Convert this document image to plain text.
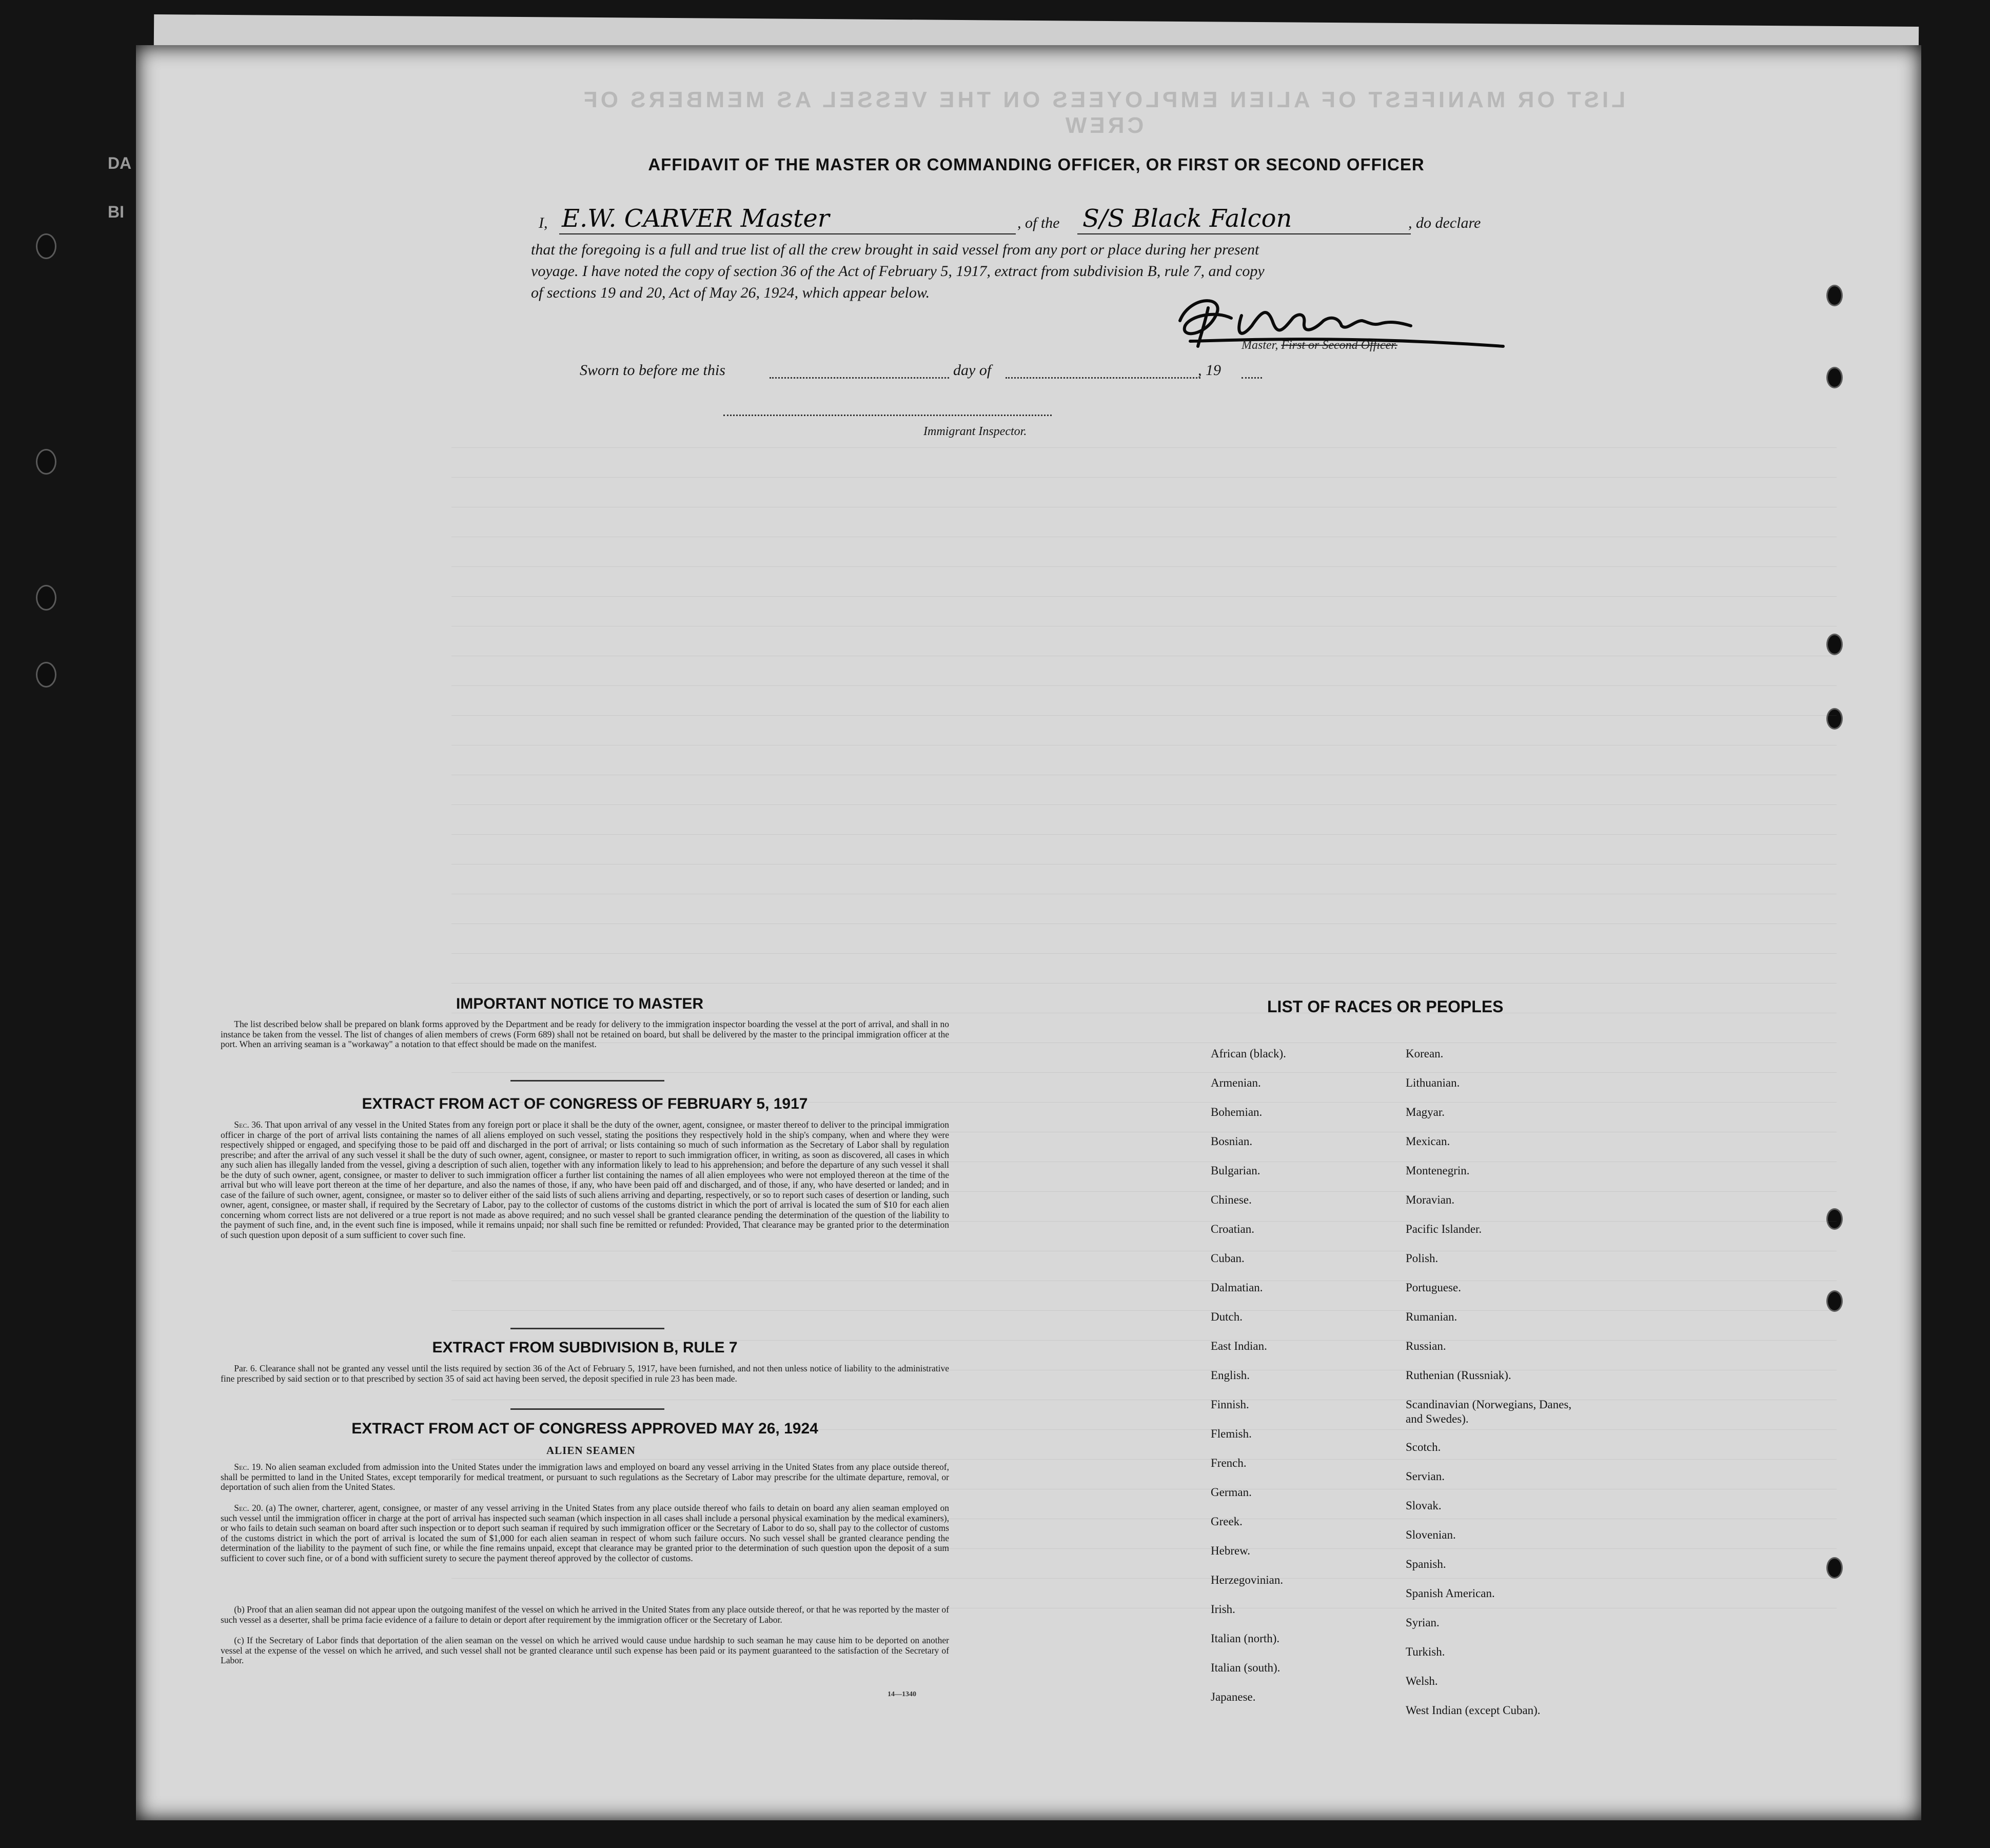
DA
BI
LIST OR MANIFEST OF ALIEN EMPLOYEES ON THE VESSEL AS MEMBERS OF CREW
AFFIDAVIT OF THE MASTER OR COMMANDING OFFICER, OR FIRST OR SECOND OFFICER
I, E.W. CARVER Master	, of the S/S Black Falcon	, do declare
that the foregoing is a full and true list of all the crew brought in said vessel from any port or place during her present
voyage. I have noted the copy of section 36 of the Act of February 5, 1917, extract from subdivision B, rule 7, and copy
of sections 19 and 20, Act of May 26, 1924, which appear below.
Master, First or Second Officer.
Sworn to before me this	day of	, 19
Immigrant Inspector.
IMPORTANT NOTICE TO MASTER
The list described below shall be prepared on blank forms approved by the Department and be ready for delivery to the immigration inspector boarding the vessel at the port of arrival, and shall in no instance be taken from the vessel. The list of changes of alien members of crews (Form 689) shall not be retained on board, but shall be delivered by the master to the principal immigration officer at the port. When an arriving seaman is a "workaway" a notation to that effect should be made on the manifest.
EXTRACT FROM ACT OF CONGRESS OF FEBRUARY 5, 1917
Sec. 36. That upon arrival of any vessel in the United States from any foreign port or place it shall be the duty of the owner, agent, consignee, or master thereof to deliver to the principal immigration officer in charge of the port of arrival lists containing the names of all aliens employed on such vessel, stating the positions they respectively hold in the ship's company, when and where they were respectively shipped or engaged, and specifying those to be paid off and discharged in the port of arrival; or lists containing so much of such information as the Secretary of Labor shall by regulation prescribe; and after the arrival of any such vessel it shall be the duty of such owner, agent, consignee, or master to report to such immigration officer, in writing, as soon as discovered, all cases in which any such alien has illegally landed from the vessel, giving a description of such alien, together with any information likely to lead to his apprehension; and before the departure of any such vessel it shall be the duty of such owner, agent, consignee, or master to deliver to such immigration officer a further list containing the names of all alien employees who were not employed thereon at the time of the arrival but who will leave port thereon at the time of her departure, and also the names of those, if any, who have been paid off and discharged, and of those, if any, who have deserted or landed; and in case of the failure of such owner, agent, consignee, or master so to deliver either of the said lists of such aliens arriving and departing, respectively, or so to report such cases of desertion or landing, such owner, agent, consignee, or master shall, if required by the Secretary of Labor, pay to the collector of customs of the customs district in which the port of arrival is located the sum of $10 for each alien concerning whom correct lists are not delivered or a true report is not made as above required; and no such vessel shall be granted clearance pending the determination of the question of the liability to the payment of such fine, and, in the event such fine is imposed, while it remains unpaid; nor shall such fine be remitted or refunded: Provided, That clearance may be granted prior to the determination of such question upon deposit of a sum sufficient to cover such fine.
EXTRACT FROM SUBDIVISION B, RULE 7
Par. 6. Clearance shall not be granted any vessel until the lists required by section 36 of the Act of February 5, 1917, have been furnished, and not then unless notice of liability to the administrative fine prescribed by said section or to that prescribed by section 35 of said act having been served, the deposit specified in rule 23 has been made.
EXTRACT FROM ACT OF CONGRESS APPROVED MAY 26, 1924
ALIEN SEAMEN
Sec. 19. No alien seaman excluded from admission into the United States under the immigration laws and employed on board any vessel arriving in the United States from any place outside thereof, shall be permitted to land in the United States, except temporarily for medical treatment, or pursuant to such regulations as the Secretary of Labor may prescribe for the ultimate departure, removal, or deportation of such alien from the United States.
Sec. 20. (a) The owner, charterer, agent, consignee, or master of any vessel arriving in the United States from any place outside thereof who fails to detain on board any alien seaman employed on such vessel until the immigration officer in charge at the port of arrival has inspected such seaman (which inspection in all cases shall include a personal physical examination by the medical examiners), or who fails to detain such seaman on board after such inspection or to deport such seaman if required by such immigration officer or the Secretary of Labor to do so, shall pay to the collector of customs of the customs district in which the port of arrival is located the sum of $1,000 for each alien seaman in respect of whom such failure occurs. No such vessel shall be granted clearance pending the determination of the liability to the payment of such fine, or while the fine remains unpaid, except that clearance may be granted prior to the determination of such question upon the deposit of a sum sufficient to cover such fine, or of a bond with sufficient surety to secure the payment thereof approved by the collector of customs.
(b) Proof that an alien seaman did not appear upon the outgoing manifest of the vessel on which he arrived in the United States from any place outside thereof, or that he was reported by the master of such vessel as a deserter, shall be prima facie evidence of a failure to detain or deport after requirement by the immigration officer or the Secretary of Labor.
(c) If the Secretary of Labor finds that deportation of the alien seaman on the vessel on which he arrived would cause undue hardship to such seaman he may cause him to be deported on another vessel at the expense of the vessel on which he arrived, and such vessel shall not be granted clearance until such expense has been paid or its payment guaranteed to the satisfaction of the Secretary of Labor.
14—1340
LIST OF RACES OR PEOPLES
African (black).
Armenian.
Bohemian.
Bosnian.
Bulgarian.
Chinese.
Croatian.
Cuban.
Dalmatian.
Dutch.
East Indian.
English.
Finnish.
Flemish.
French.
German.
Greek.
Hebrew.
Herzegovinian.
Irish.
Italian (north).
Italian (south).
Japanese.
Korean.
Lithuanian.
Magyar.
Mexican.
Montenegrin.
Moravian.
Pacific Islander.
Polish.
Portuguese.
Rumanian.
Russian.
Ruthenian (Russniak).
Scandinavian (Norwegians, Danes, and Swedes).
Scotch.
Servian.
Slovak.
Slovenian.
Spanish.
Spanish American.
Syrian.
Turkish.
Welsh.
West Indian (except Cuban).
